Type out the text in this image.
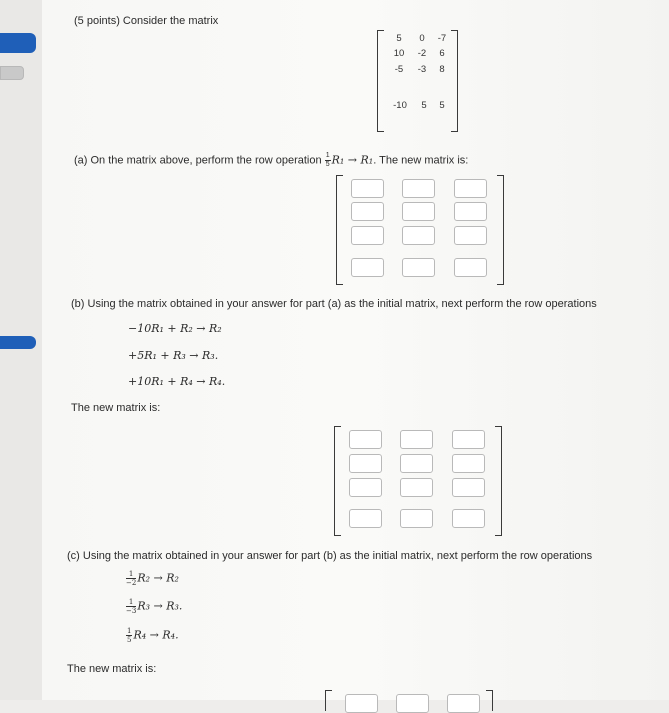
(5 points) Consider the matrix
5	0	-7
10	-2	6
-5	-3	8
-10	5	5
(a) On the matrix above, perform the row operation $\frac{1}{5} R_1 \to R_1$. The new matrix is:
(b) Using the matrix obtained in your answer for part (a) as the initial matrix, next perform the row operations
−10R₁ + R₂ → R₂
+5R₁ + R₃ → R₃.
+10R₁ + R₄ → R₄.
The new matrix is:
(c) Using the matrix obtained in your answer for part (b) as the initial matrix, next perform the row operations
$\frac{1}{-2} R_2 \to R_2$
$\frac{1}{-3} R_3 \to R_3$.
$\frac{1}{5} R_4 \to R_4$.
The new matrix is:
